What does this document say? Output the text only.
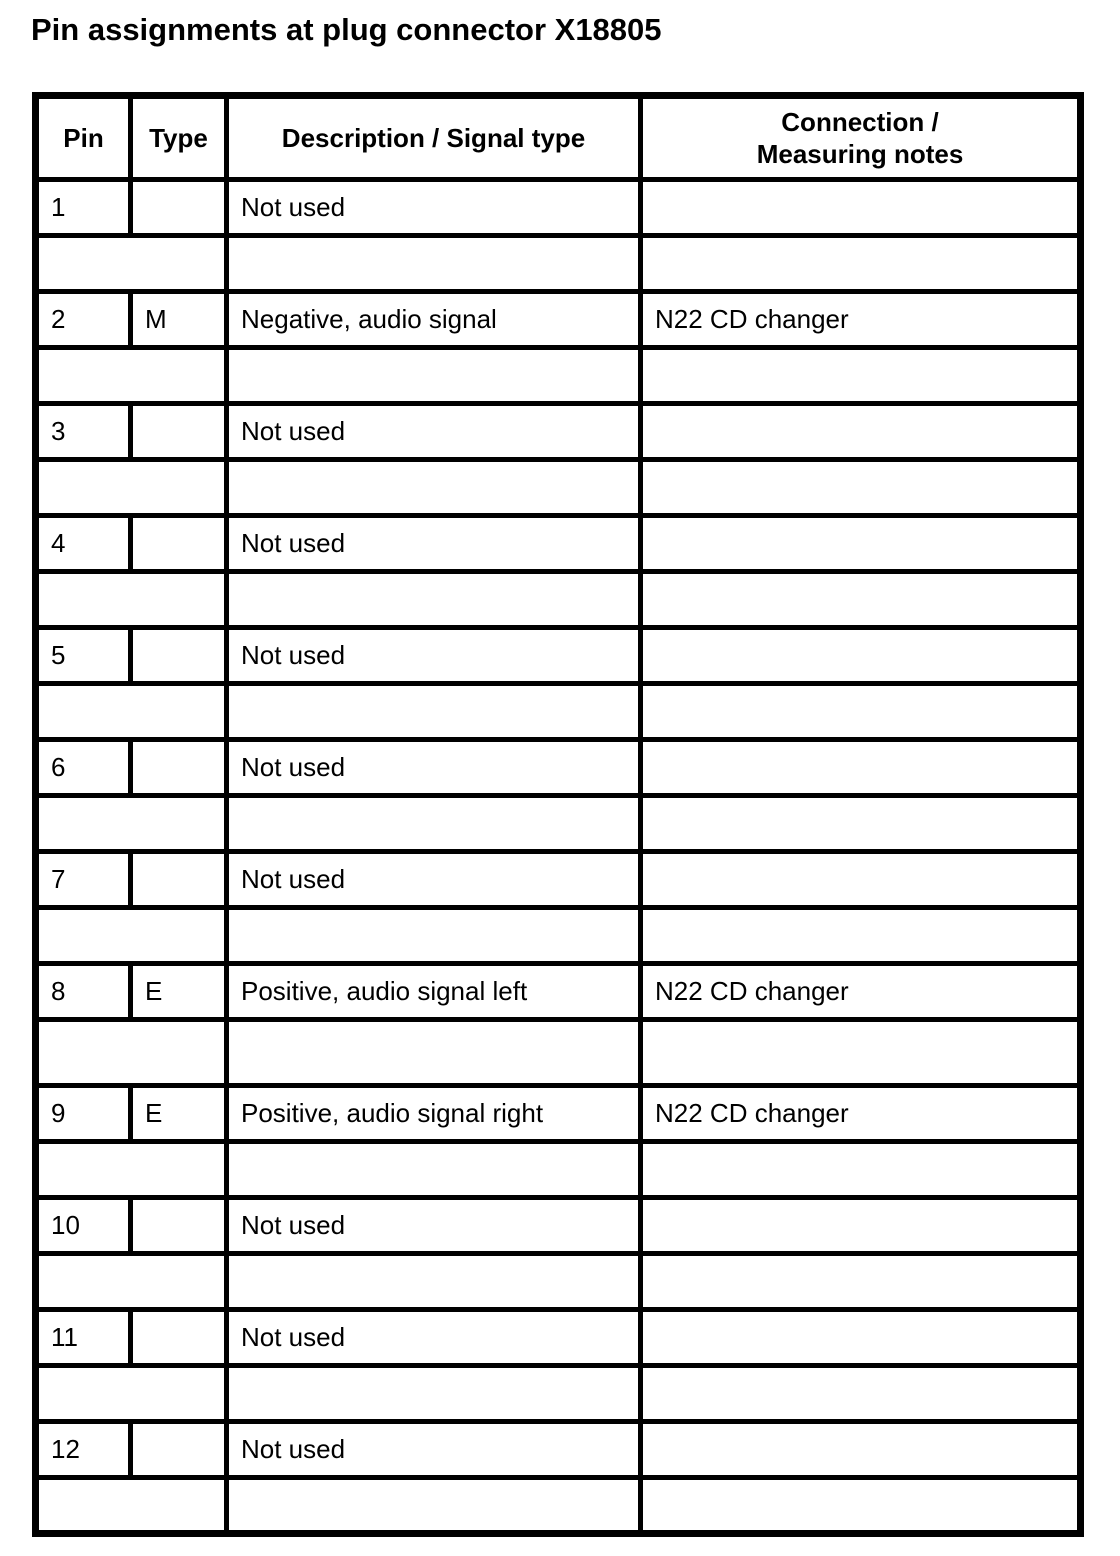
Pin assignments at plug connector X18805
Pin	Type	Description / Signal type	Connection /
Measuring notes

1		Not used	

2	M	Negative, audio signal	N22 CD changer

3		Not used	

4		Not used	

5		Not used	

6		Not used	

7		Not used	

8	E	Positive, audio signal left	N22 CD changer

9	E	Positive, audio signal right	N22 CD changer

10		Not used	

11		Not used	

12		Not used	
